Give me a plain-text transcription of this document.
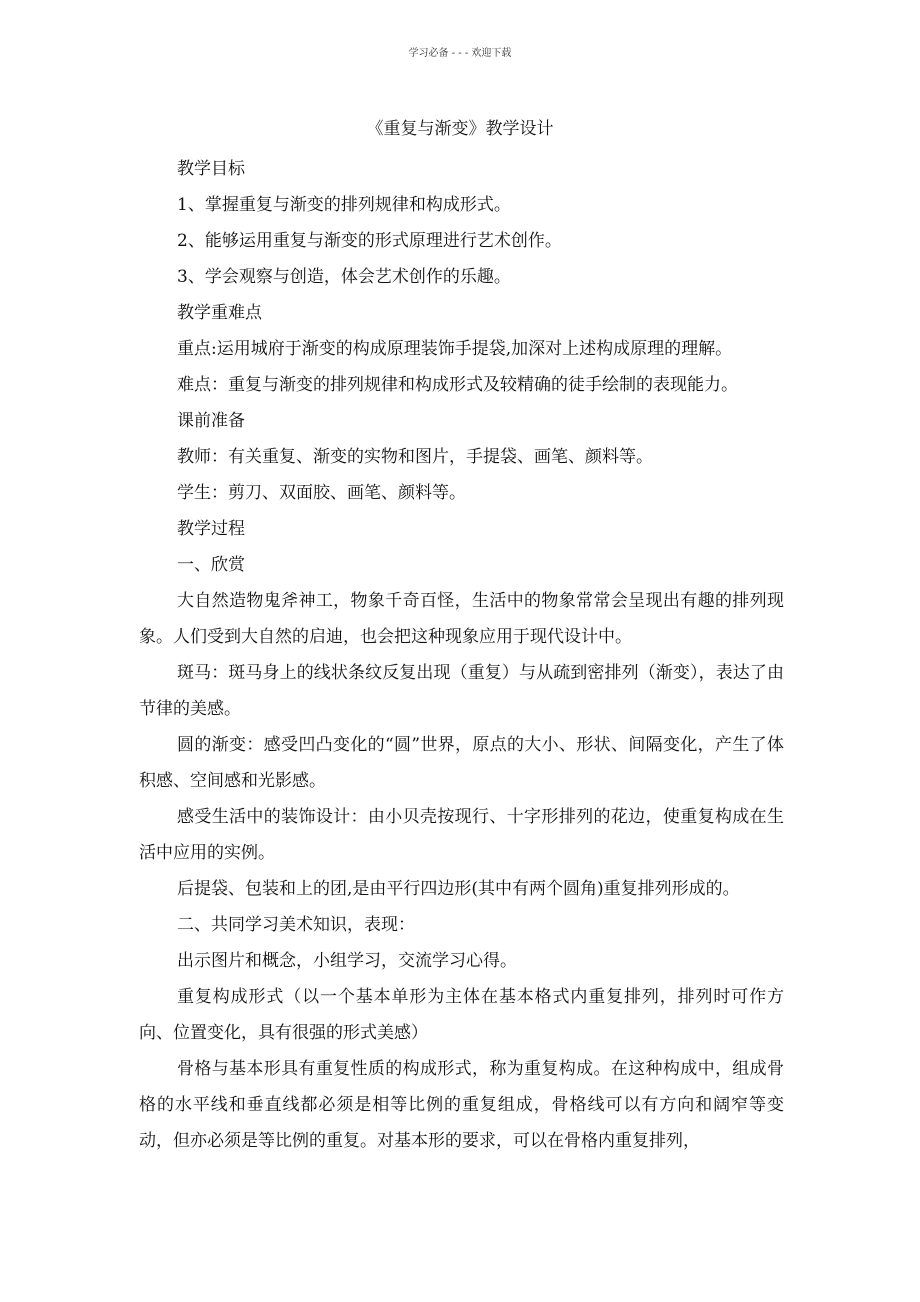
学习必备 - - - 欢迎下载
《重复与渐变》教学设计

教学目标

1、掌握重复与渐变的排列规律和构成形式。

2、能够运用重复与渐变的形式原理进行艺术创作。

3、学会观察与创造，体会艺术创作的乐趣。

教学重难点

重点:运用城府于渐变的构成原理装饰手提袋,加深对上述构成原理的理解。

难点：重复与渐变的排列规律和构成形式及较精确的徒手绘制的表现能力。

课前准备

教师：有关重复、渐变的实物和图片，手提袋、画笔、颜料等。

学生：剪刀、双面胶、画笔、颜料等。

教学过程

一、欣赏

大自然造物鬼斧神工，物象千奇百怪，生活中的物象常常会呈现出有趣的排列现象。人们受到大自然的启迪，也会把这种现象应用于现代设计中。

斑马：斑马身上的线状条纹反复出现（重复）与从疏到密排列（渐变），表达了由节律的美感。

圆的渐变：感受凹凸变化的“圆”世界，原点的大小、形状、间隔变化，产生了体积感、空间感和光影感。

感受生活中的装饰设计：由小贝壳按现行、十字形排列的花边，使重复构成在生活中应用的实例。

后提袋、包装和上的团,是由平行四边形(其中有两个圆角)重复排列形成的。

二、共同学习美术知识，表现：

出示图片和概念，小组学习，交流学习心得。

重复构成形式（以一个基本单形为主体在基本格式内重复排列，排列时可作方向、位置变化，具有很强的形式美感）

骨格与基本形具有重复性质的构成形式，称为重复构成。在这种构成中，组成骨格的水平线和垂直线都必须是相等比例的重复组成，骨格线可以有方向和阔窄等变动，但亦必须是等比例的重复。对基本形的要求，可以在骨格内重复排列，
